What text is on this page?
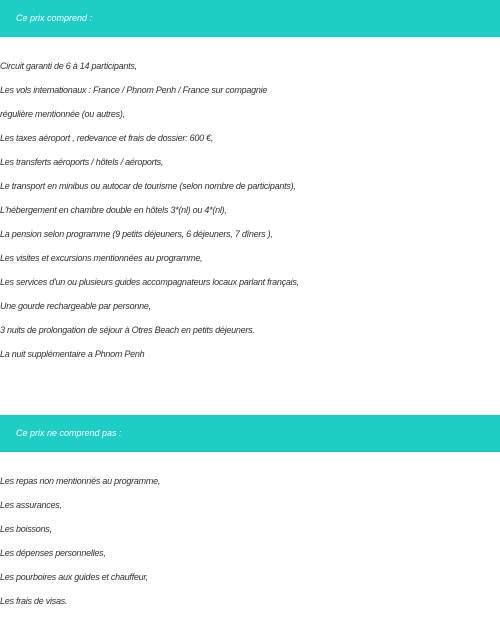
Ce prix comprend :
Circuit garanti de 6 à 14 participants,
Les vols internationaux : France / Phnom Penh / France sur compagnie
régulière mentionnée (ou autres),
Les taxes aéroport , redevance et frais de dossier: 600 €,
Les transferts aéroports / hôtels / aéroports,
Le transport en minibus ou autocar de tourisme (selon nombre de participants),
L'hébergement en chambre double en hôtels 3*(nl) ou 4*(nl),
La pension selon programme (9 petits déjeuners, 6 déjeuners, 7 dîners ),
Les visites et excursions mentionnées au programme,
Les services d'un ou plusieurs guides accompagnateurs locaux parlant français,
Une gourde rechargeable par personne,
3 nuits de prolongation de séjour à Otres Beach en petits déjeuners.
La nuit supplémentaire a Phnom Penh
Ce prix ne comprend pas :
Les repas non mentionnés au programme,
Les assurances,
Les boissons,
Les dépenses personnelles,
Les pourboires aux guides et chauffeur,
Les frais de visas.
